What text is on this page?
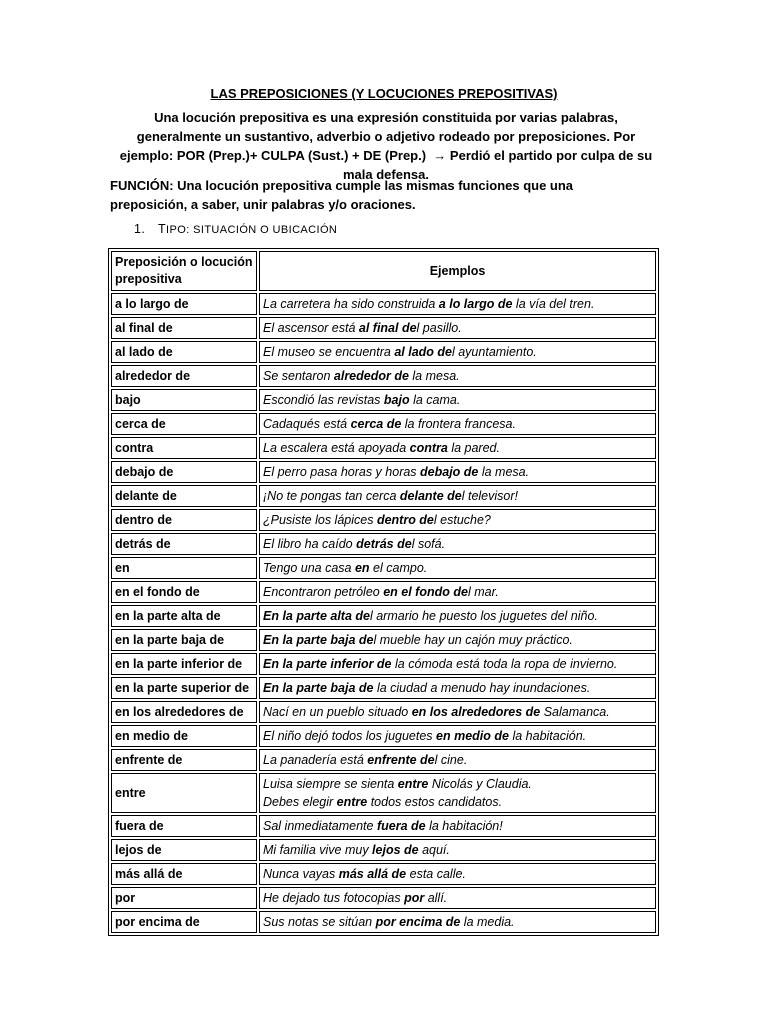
LAS PREPOSICIONES (Y LOCUCIONES PREPOSITIVAS)
Una locución prepositiva es una expresión constituida por varias palabras, generalmente un sustantivo, adverbio o adjetivo rodeado por preposiciones. Por ejemplo: POR (Prep.)+ CULPA (Sust.) + DE (Prep.) → Perdió el partido por culpa de su mala defensa.
FUNCIÓN: Una locución prepositiva cumple las mismas funciones que una preposición, a saber, unir palabras y/o oraciones.
1. TIPO: SITUACIÓN O UBICACIÓN
Preposición o locución prepositiva	Ejemplos
a lo largo de	La carretera ha sido construida a lo largo de la vía del tren.
al final de	El ascensor está al final del pasillo.
al lado de	El museo se encuentra al lado del ayuntamiento.
alrededor de	Se sentaron alrededor de la mesa.
bajo	Escondió las revistas bajo la cama.
cerca de	Cadaqués está cerca de la frontera francesa.
contra	La escalera está apoyada contra la pared.
debajo de	El perro pasa horas y horas debajo de la mesa.
delante de	¡No te pongas tan cerca delante del televisor!
dentro de	¿Pusiste los lápices dentro del estuche?
detrás de	El libro ha caído detrás del sofá.
en	Tengo una casa en el campo.
en el fondo de	Encontraron petróleo en el fondo del mar.
en la parte alta de	En la parte alta del armario he puesto los juguetes del niño.
en la parte baja de	En la parte baja del mueble hay un cajón muy práctico.
en la parte inferior de	En la parte inferior de la cómoda está toda la ropa de invierno.
en la parte superior de	En la parte baja de la ciudad a menudo hay inundaciones.
en los alrededores de	Nací en un pueblo situado en los alrededores de Salamanca.
en medio de	El niño dejó todos los juguetes en medio de la habitación.
enfrente de	La panadería está enfrente del cine.
entre	Luisa siempre se sienta entre Nicolás y Claudia.
Debes elegir entre todos estos candidatos.

fuera de	Sal inmediatamente fuera de la habitación!
lejos de	Mi familia vive muy lejos de aquí.
más allá de	Nunca vayas más allá de esta calle.
por	He dejado tus fotocopias por allí.
por encima de	Sus notas se sitúan por encima de la media.
